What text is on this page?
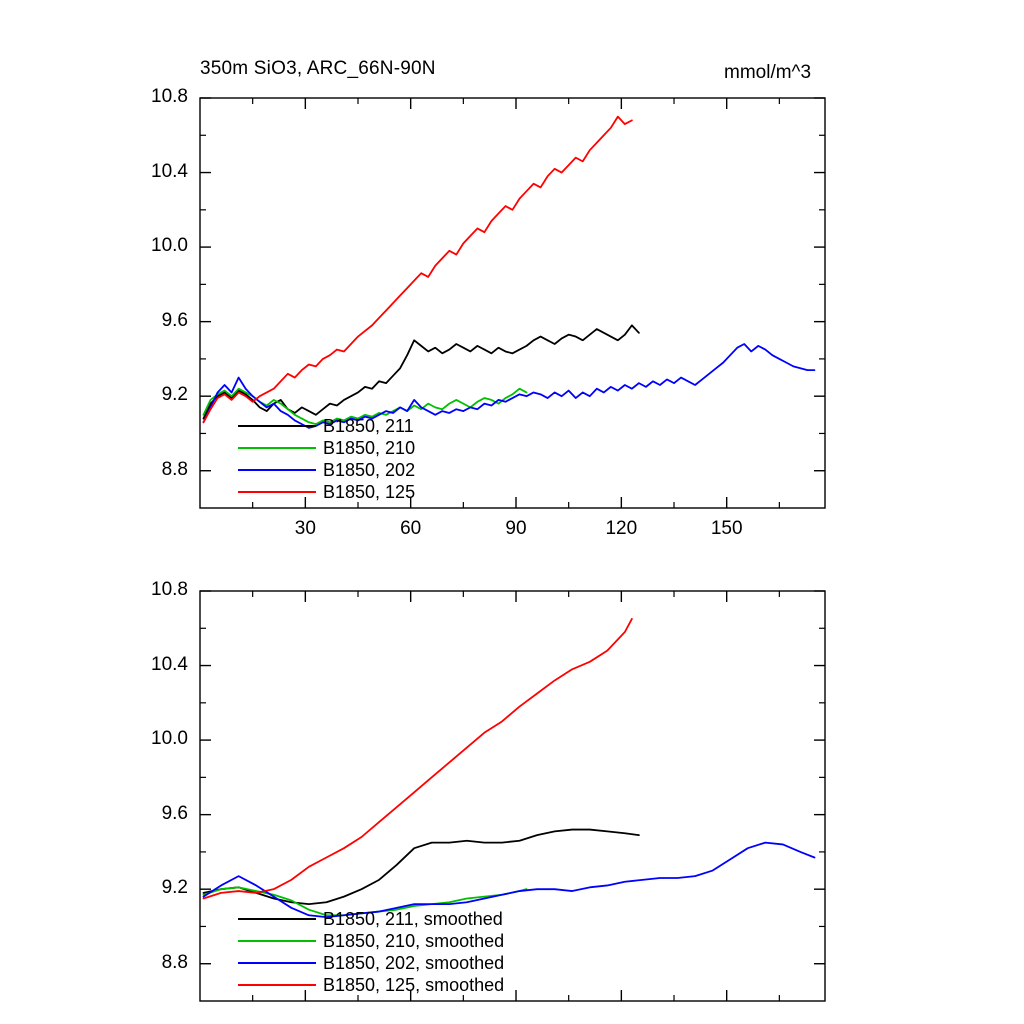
350m SiO3, ARC_66N-90N	mmol/m^3
B1850, 211
B1850, 210
B1850, 202
B1850, 125
8.8
9.2
9.6
10.0
10.4
10.8
30	60	90	120	150
B1850, 211, smoothed
B1850, 210, smoothed
B1850, 202, smoothed
B1850, 125, smoothed
8.8
9.2
9.6
10.0
10.4
10.8
